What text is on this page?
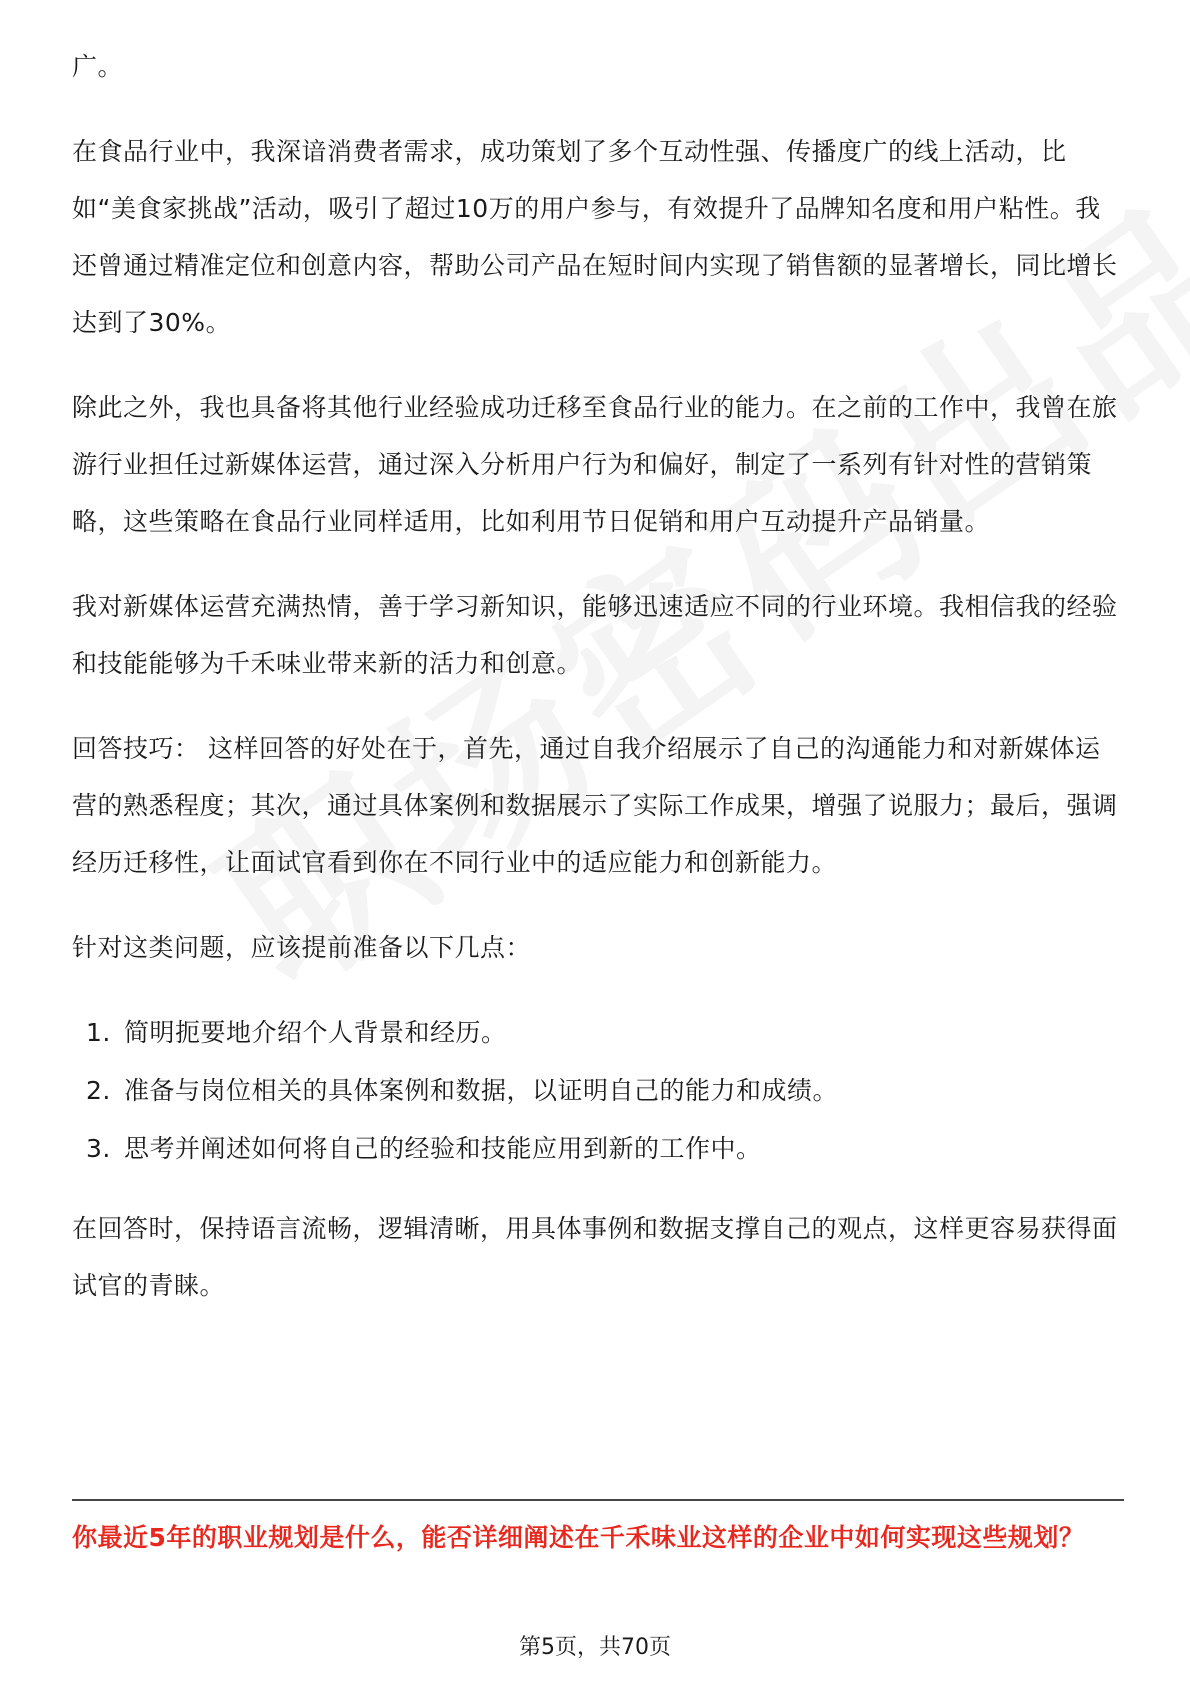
广。

在食品行业中，我深谙消费者需求，成功策划了多个互动性强、传播度广的线上活动，比如“美食家挑战”活动，吸引了超过10万的用户参与，有效提升了品牌知名度和用户粘性。我还曾通过精准定位和创意内容，帮助公司产品在短时间内实现了销售额的显著增长，同比增长达到了30%。

除此之外，我也具备将其他行业经验成功迁移至食品行业的能力。在之前的工作中，我曾在旅游行业担任过新媒体运营，通过深入分析用户行为和偏好，制定了一系列有针对性的营销策略，这些策略在食品行业同样适用，比如利用节日促销和用户互动提升产品销量。

我对新媒体运营充满热情，善于学习新知识，能够迅速适应不同的行业环境。我相信我的经验和技能能够为千禾味业带来新的活力和创意。

回答技巧： 这样回答的好处在于，首先，通过自我介绍展示了自己的沟通能力和对新媒体运营的熟悉程度；其次，通过具体案例和数据展示了实际工作成果，增强了说服力；最后，强调经历迁移性，让面试官看到你在不同行业中的适应能力和创新能力。

针对这类问题，应该提前准备以下几点：

1. 简明扼要地介绍个人背景和经历。
2. 准备与岗位相关的具体案例和数据，以证明自己的能力和成绩。
3. 思考并阐述如何将自己的经验和技能应用到新的工作中。

在回答时，保持语言流畅，逻辑清晰，用具体事例和数据支撑自己的观点，这样更容易获得面试官的青睐。

你最近5年的职业规划是什么，能否详细阐述在千禾味业这样的企业中如何实现这些规划？
第5页，共70页
